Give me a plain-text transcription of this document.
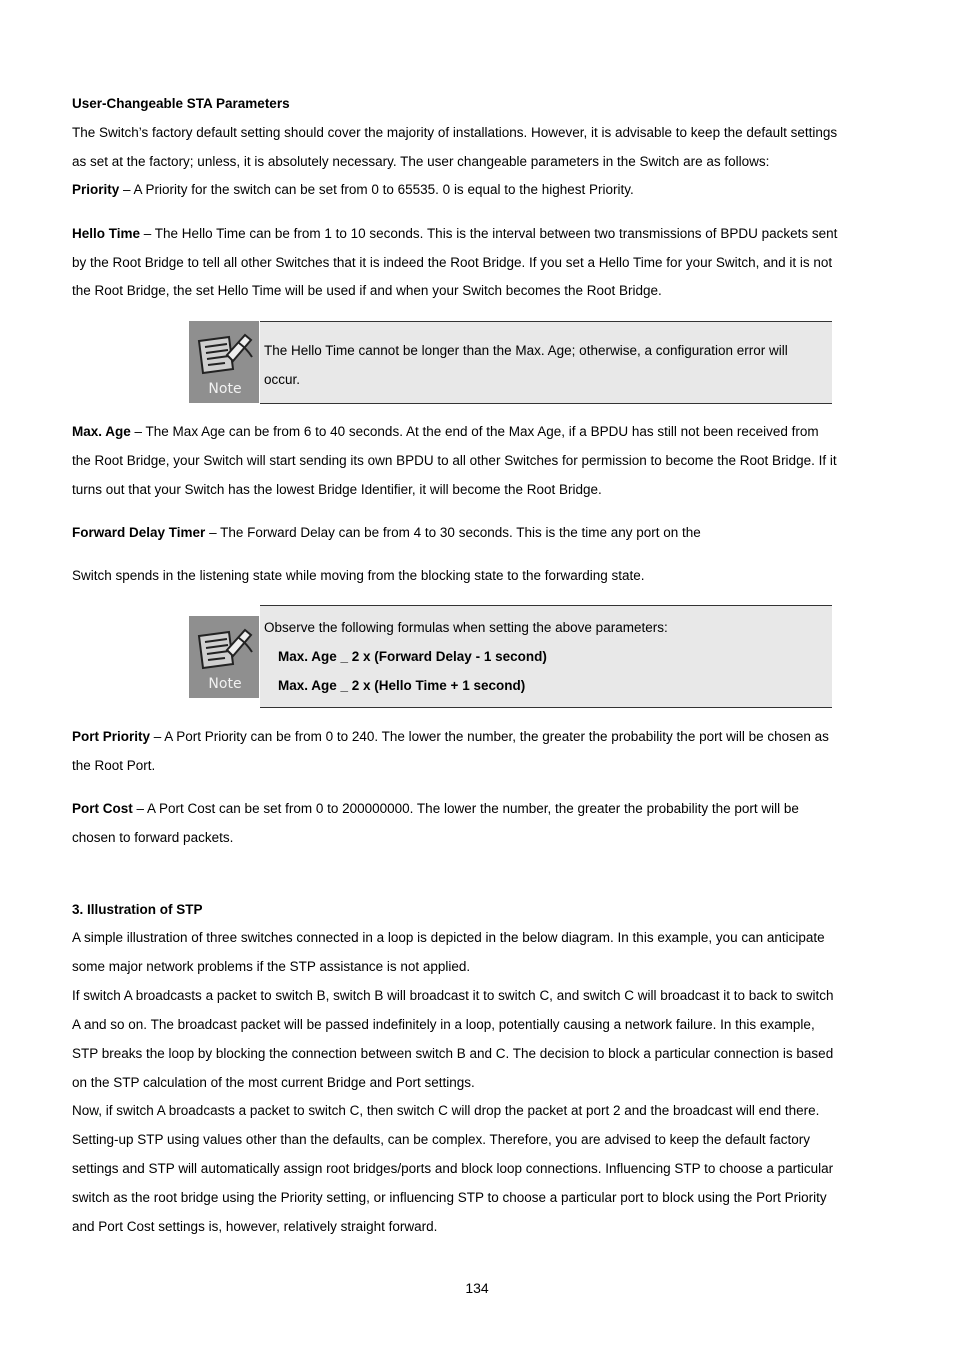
User-Changeable STA Parameters
The Switch’s factory default setting should cover the majority of installations. However, it is advisable to keep the default settings
as set at the factory; unless, it is absolutely necessary. The user changeable parameters in the Switch are as follows:
Priority – A Priority for the switch can be set from 0 to 65535. 0 is equal to the highest Priority.
Hello Time – The Hello Time can be from 1 to 10 seconds. This is the interval between two transmissions of BPDU packets sent
by the Root Bridge to tell all other Switches that it is indeed the Root Bridge. If you set a Hello Time for your Switch, and it is not
the Root Bridge, the set Hello Time will be used if and when your Switch becomes the Root Bridge.
Note
The Hello Time cannot be longer than the Max. Age; otherwise, a configuration error will
occur.
Max. Age – The Max Age can be from 6 to 40 seconds. At the end of the Max Age, if a BPDU has still not been received from
the Root Bridge, your Switch will start sending its own BPDU to all other Switches for permission to become the Root Bridge. If it
turns out that your Switch has the lowest Bridge Identifier, it will become the Root Bridge.
Forward Delay Timer – The Forward Delay can be from 4 to 30 seconds. This is the time any port on the
Switch spends in the listening state while moving from the blocking state to the forwarding state.
Note
Observe the following formulas when setting the above parameters:
Max. Age _ 2 x (Forward Delay - 1 second)
Max. Age _ 2 x (Hello Time + 1 second)
Port Priority – A Port Priority can be from 0 to 240. The lower the number, the greater the probability the port will be chosen as
the Root Port.
Port Cost – A Port Cost can be set from 0 to 200000000. The lower the number, the greater the probability the port will be
chosen to forward packets.
3. Illustration of STP
A simple illustration of three switches connected in a loop is depicted in the below diagram. In this example, you can anticipate
some major network problems if the STP assistance is not applied.
If switch A broadcasts a packet to switch B, switch B will broadcast it to switch C, and switch C will broadcast it to back to switch
A and so on. The broadcast packet will be passed indefinitely in a loop, potentially causing a network failure. In this example,
STP breaks the loop by blocking the connection between switch B and C. The decision to block a particular connection is based
on the STP calculation of the most current Bridge and Port settings.
Now, if switch A broadcasts a packet to switch C, then switch C will drop the packet at port 2 and the broadcast will end there.
Setting-up STP using values other than the defaults, can be complex. Therefore, you are advised to keep the default factory
settings and STP will automatically assign root bridges/ports and block loop connections. Influencing STP to choose a particular
switch as the root bridge using the Priority setting, or influencing STP to choose a particular port to block using the Port Priority
and Port Cost settings is, however, relatively straight forward.
134
